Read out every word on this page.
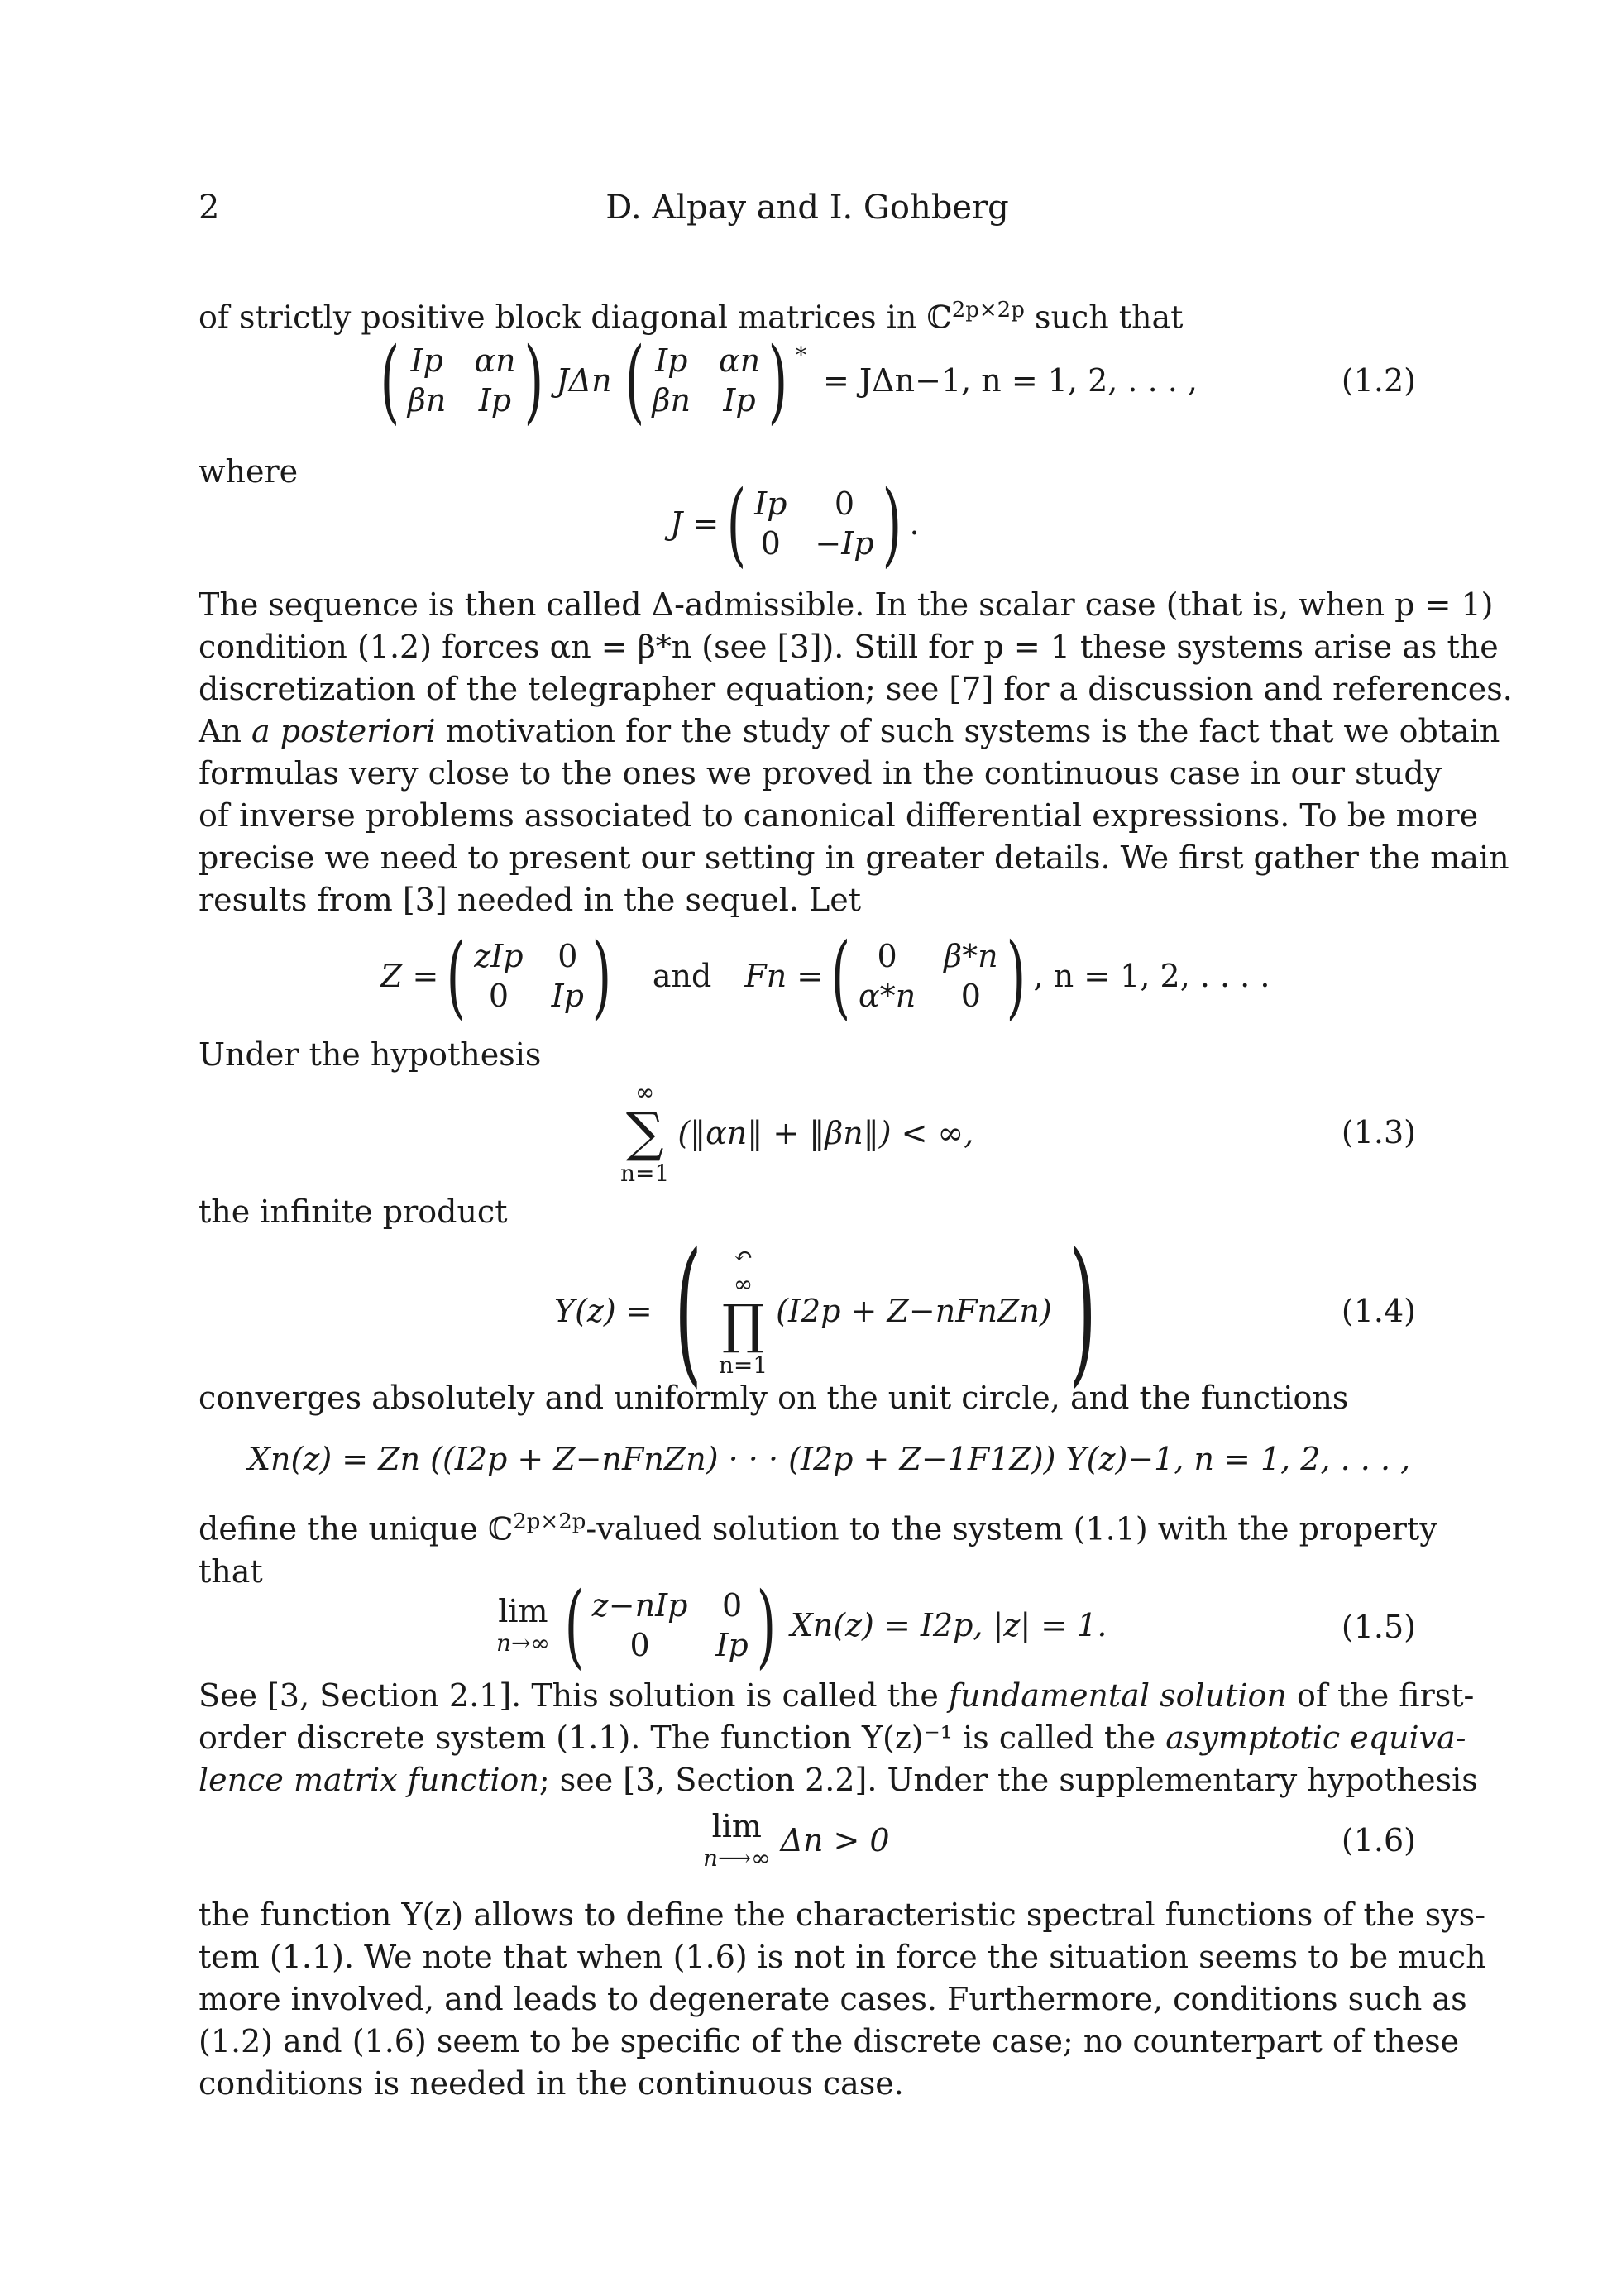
2	D. Alpay and I. Gohberg
of strictly positive block diagonal matrices in ℂ$^{2p\times 2p}$ such that
( Ip αn
βn Ip ) JΔn ( Ip αn
βn Ip ) *
= JΔn−1, n = 1, 2, . . . ,	(1.2)
where
J = ( Ip	0
0 −Ip ) .
The sequence is then called Δ-admissible. In the scalar case (that is, when p = 1)
condition (1.2) forces αn = β*n (see [3]). Still for p = 1 these systems arise as the
discretization of the telegrapher equation; see [7] for a discussion and references.
An a posteriori motivation for the study of such systems is the fact that we obtain
formulas very close to the ones we proved in the continuous case in our study
of inverse problems associated to canonical differential expressions. To be more
precise we need to present our setting in greater details. We first gather the main
results from [3] needed in the sequel. Let
Z = ( zIp 0
0	Ip ) and Fn = ( 0	β*n
α*n	0 ) , n = 1, 2, . . . .
Under the hypothesis
∞
∑
n=1
(‖αn‖ + ‖βn‖) < ∞,	(1.3)
the infinite product
Y(z) = ( ↶
∞
∏
n=1
(I2p + Z−nFnZn) )	(1.4)
converges absolutely and uniformly on the unit circle, and the functions
Xn(z) = Zn ((I2p + Z−nFnZn) · · · (I2p + Z−1F1Z)) Y(z)−1, n = 1, 2, . . . ,
define the unique ℂ$^{2p\times 2p}$-valued solution to the system (1.1) with the property
that
lim
n→∞ ( z−nIp 0
0	Ip ) Xn(z) = I2p, |z| = 1.	(1.5)
See [3, Section 2.1]. This solution is called the fundamental solution of the first-
order discrete system (1.1). The function Y(z)⁻¹ is called the asymptotic equiva-
lence matrix function; see [3, Section 2.2]. Under the supplementary hypothesis
lim
n⟶∞ Δn > 0	(1.6)
the function Y(z) allows to define the characteristic spectral functions of the sys-
tem (1.1). We note that when (1.6) is not in force the situation seems to be much
more involved, and leads to degenerate cases. Furthermore, conditions such as
(1.2) and (1.6) seem to be specific of the discrete case; no counterpart of these
conditions is needed in the continuous case.
